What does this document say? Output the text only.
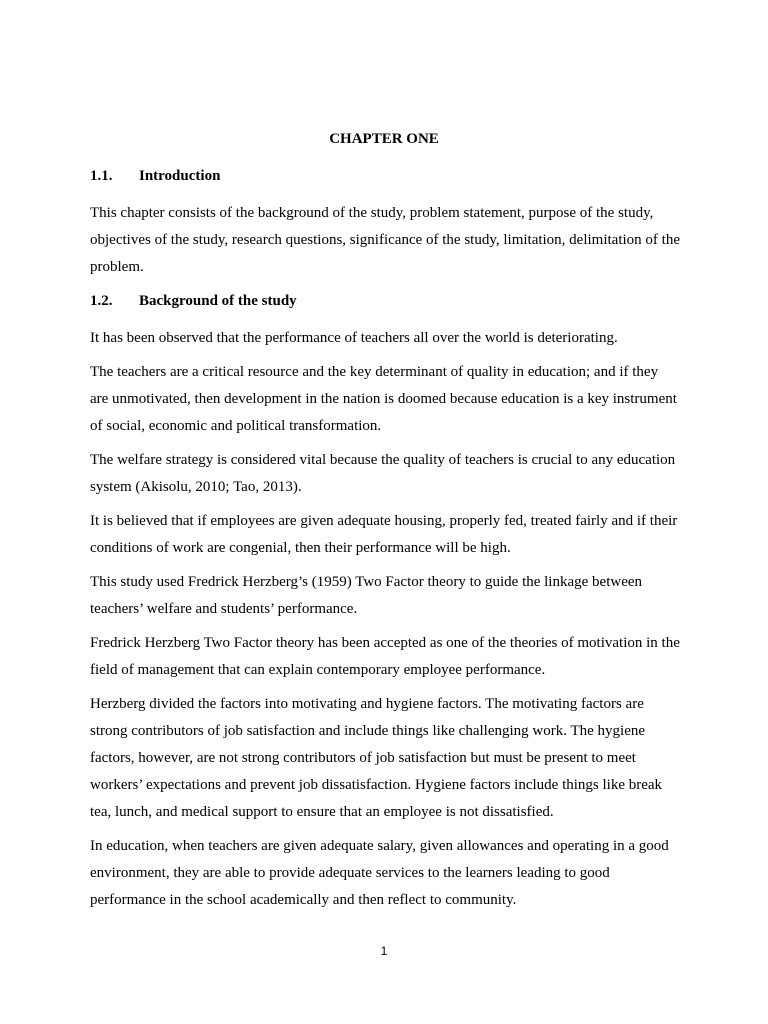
CHAPTER ONE
1.1. Introduction

This chapter consists of the background of the study, problem statement, purpose of the study, objectives of the study, research questions, significance of the study, limitation, delimitation of the problem.

1.2. Background of the study

It has been observed that the performance of teachers all over the world is deteriorating.

The teachers are a critical resource and the key determinant of quality in education; and if they are unmotivated, then development in the nation is doomed because education is a key instrument of social, economic and political transformation.

The welfare strategy is considered vital because the quality of teachers is crucial to any education system (Akisolu, 2010; Tao, 2013).

It is believed that if employees are given adequate housing, properly fed, treated fairly and if their conditions of work are congenial, then their performance will be high.

This study used Fredrick Herzberg’s (1959) Two Factor theory to guide the linkage between teachers’ welfare and students’ performance.

Fredrick Herzberg Two Factor theory has been accepted as one of the theories of motivation in the field of management that can explain contemporary employee performance.

Herzberg divided the factors into motivating and hygiene factors. The motivating factors are strong contributors of job satisfaction and include things like challenging work. The hygiene factors, however, are not strong contributors of job satisfaction but must be present to meet workers’ expectations and prevent job dissatisfaction. Hygiene factors include things like break tea, lunch, and medical support to ensure that an employee is not dissatisfied.

In education, when teachers are given adequate salary, given allowances and operating in a good environment, they are able to provide adequate services to the learners leading to good performance in the school academically and then reflect to community.

1
